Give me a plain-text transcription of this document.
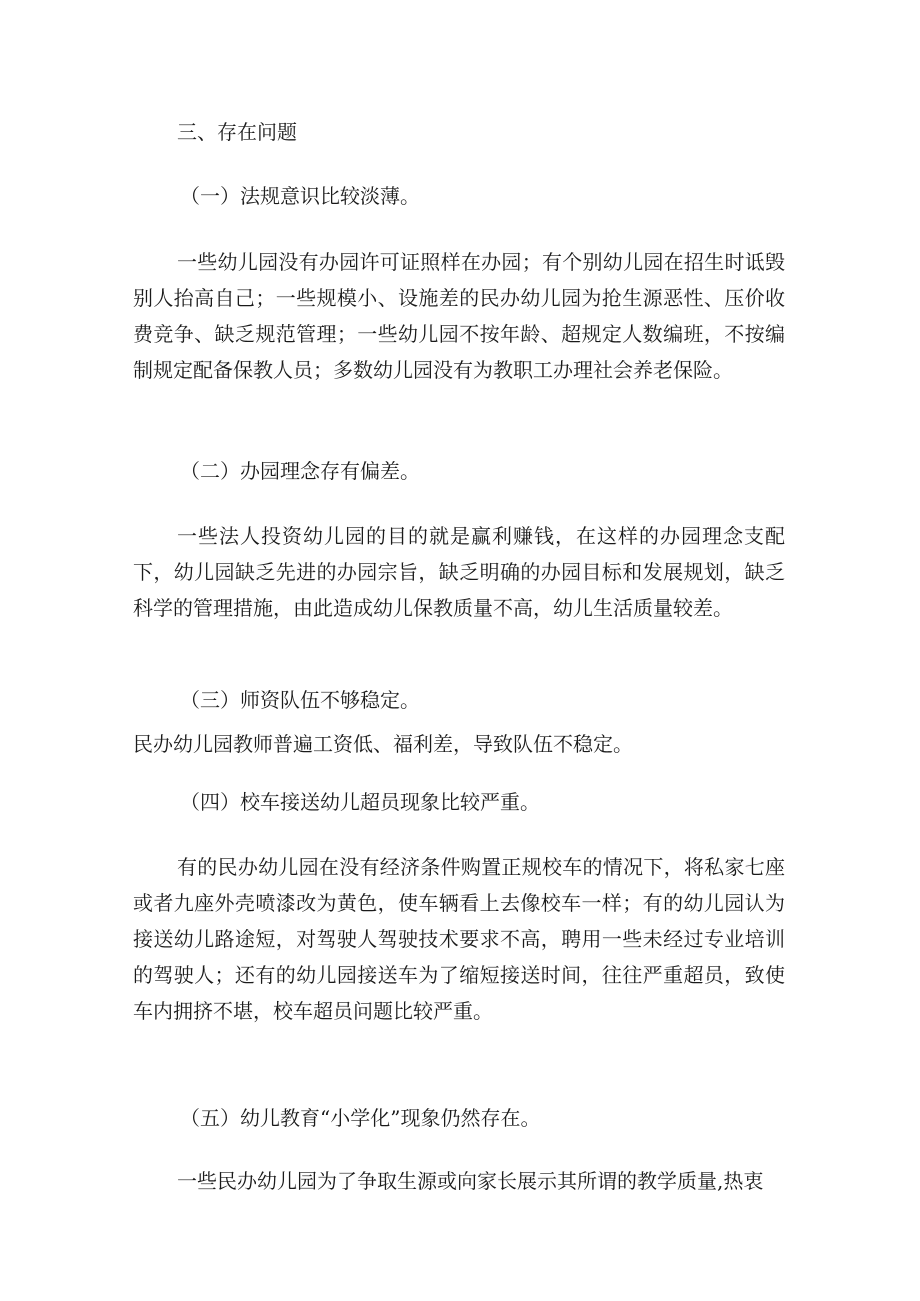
三、存在问题

（一）法规意识比较淡薄。

一些幼儿园没有办园许可证照样在办园；有个别幼儿园在招生时诋毁别人抬高自己；一些规模小、设施差的民办幼儿园为抢生源恶性、压价收费竞争、缺乏规范管理；一些幼儿园不按年龄、超规定人数编班，不按编制规定配备保教人员；多数幼儿园没有为教职工办理社会养老保险。

（二）办园理念存有偏差。

一些法人投资幼儿园的目的就是赢利赚钱，在这样的办园理念支配下，幼儿园缺乏先进的办园宗旨，缺乏明确的办园目标和发展规划，缺乏科学的管理措施，由此造成幼儿保教质量不高，幼儿生活质量较差。

（三）师资队伍不够稳定。

民办幼儿园教师普遍工资低、福利差，导致队伍不稳定。

（四）校车接送幼儿超员现象比较严重。

有的民办幼儿园在没有经济条件购置正规校车的情况下，将私家七座或者九座外壳喷漆改为黄色，使车辆看上去像校车一样；有的幼儿园认为接送幼儿路途短，对驾驶人驾驶技术要求不高，聘用一些未经过专业培训的驾驶人；还有的幼儿园接送车为了缩短接送时间，往往严重超员，致使车内拥挤不堪，校车超员问题比较严重。

（五）幼儿教育“小学化”现象仍然存在。

一些民办幼儿园为了争取生源或向家长展示其所谓的教学质量,热衷
